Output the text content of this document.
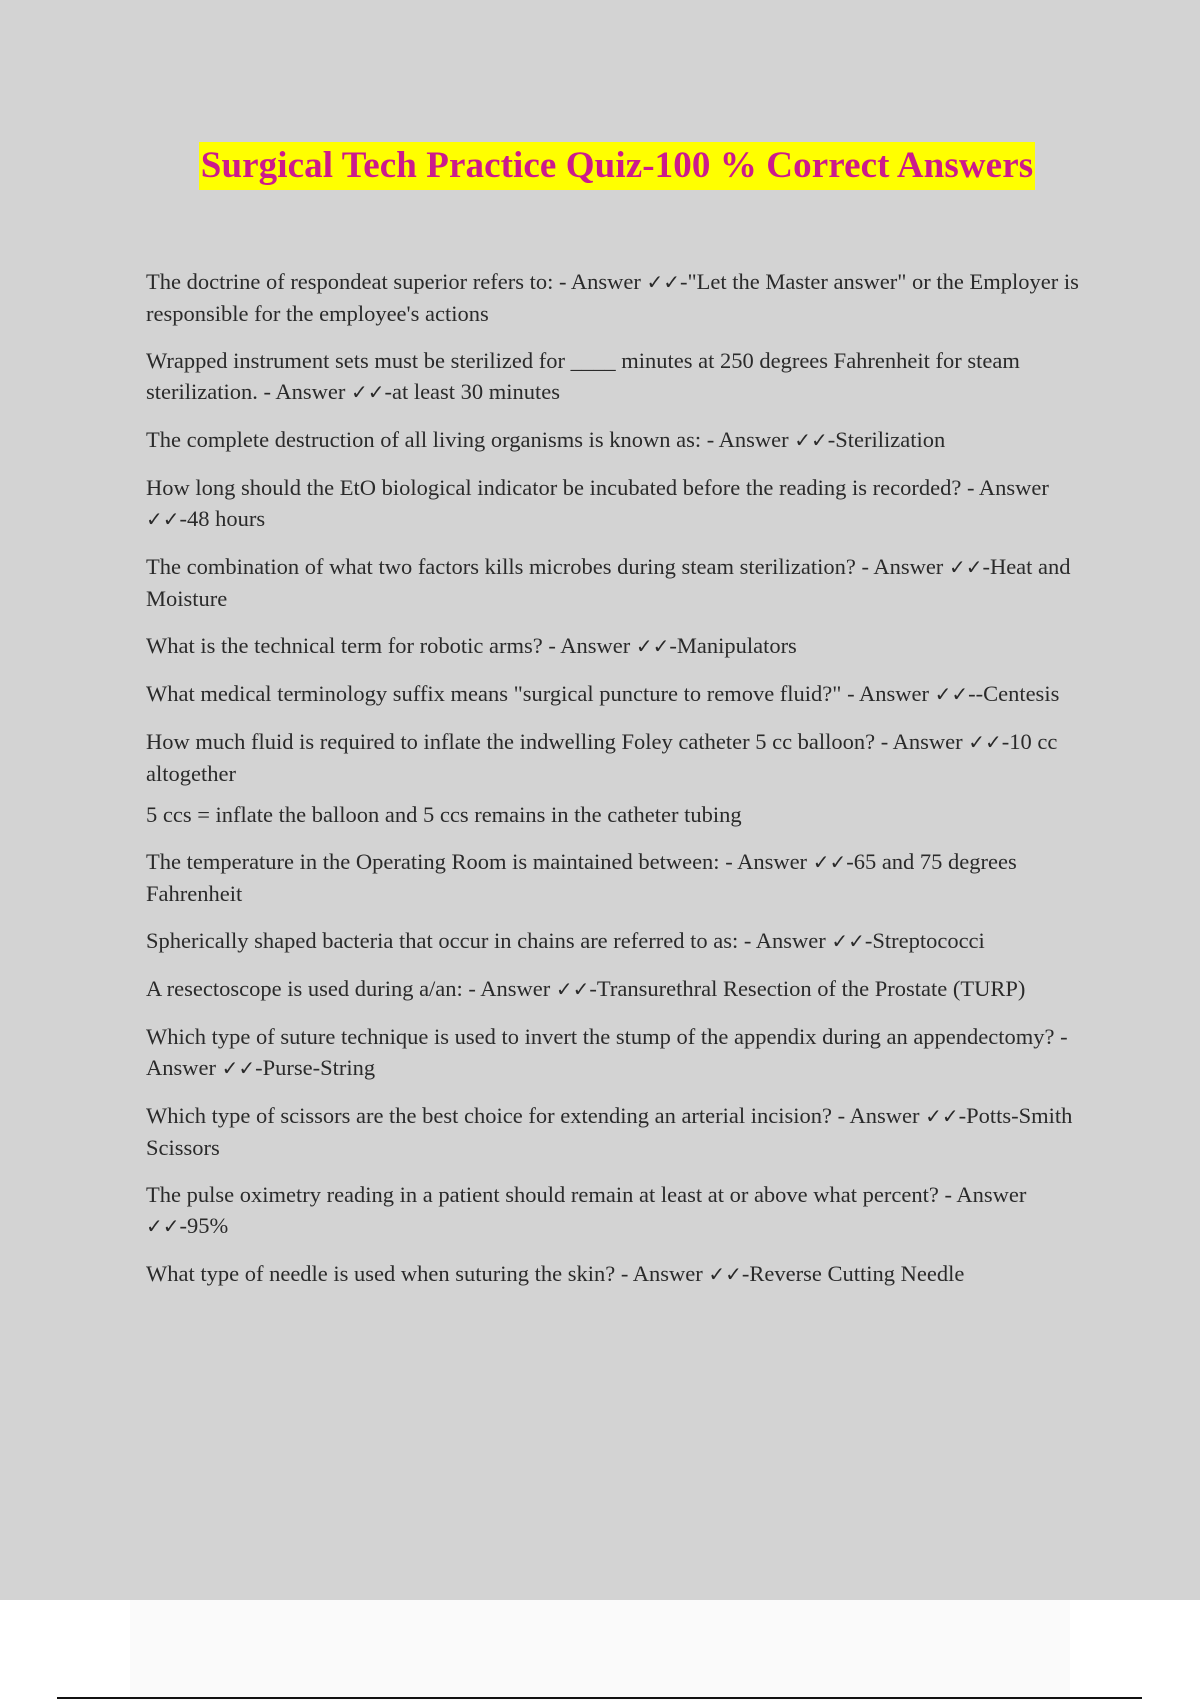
Surgical Tech Practice Quiz-100 % Correct Answers

The doctrine of respondeat superior refers to: - Answer ✓✓-"Let the Master answer" or the Employer is responsible for the employee's actions

Wrapped instrument sets must be sterilized for ____ minutes at 250 degrees Fahrenheit for steam sterilization. - Answer ✓✓-at least 30 minutes

The complete destruction of all living organisms is known as: - Answer ✓✓-Sterilization

How long should the EtO biological indicator be incubated before the reading is recorded? - Answer ✓✓-48 hours

The combination of what two factors kills microbes during steam sterilization? - Answer ✓✓-Heat and Moisture

What is the technical term for robotic arms? - Answer ✓✓-Manipulators

What medical terminology suffix means "surgical puncture to remove fluid?" - Answer ✓✓--Centesis

How much fluid is required to inflate the indwelling Foley catheter 5 cc balloon? - Answer ✓✓-10 cc altogether

5 ccs = inflate the balloon and 5 ccs remains in the catheter tubing

The temperature in the Operating Room is maintained between: - Answer ✓✓-65 and 75 degrees Fahrenheit

Spherically shaped bacteria that occur in chains are referred to as: - Answer ✓✓-Streptococci

A resectoscope is used during a/an: - Answer ✓✓-Transurethral Resection of the Prostate (TURP)

Which type of suture technique is used to invert the stump of the appendix during an appendectomy? - Answer ✓✓-Purse-String

Which type of scissors are the best choice for extending an arterial incision? - Answer ✓✓-Potts-Smith Scissors

The pulse oximetry reading in a patient should remain at least at or above what percent? - Answer ✓✓-95%

What type of needle is used when suturing the skin? - Answer ✓✓-Reverse Cutting Needle
